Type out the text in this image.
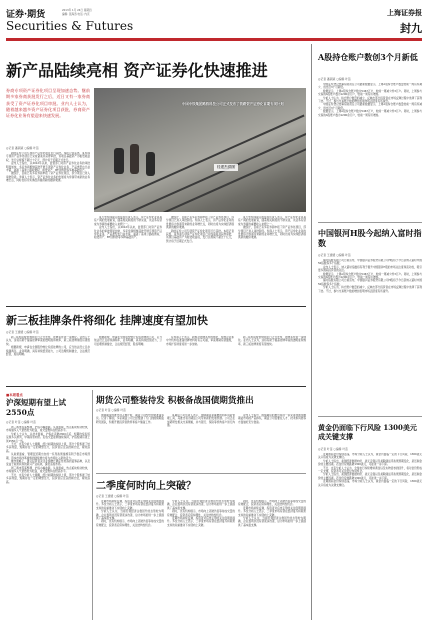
证券·期货	2013年 1月 24日 星期四
编辑: 张海涛 电话: 内页
Securities & Futures
上海证券报
封九
新产品陆续亮相 资产证券化快速推进
券商专项资产证券化项目呈现加速态势。继前期多家券商获批发行之后，近日又有一家券商获受了资产证券化项目审批。业内人士认为，随着越来越多资产证券化项目获批，券商资产证券化业务有望迎来快速发展。
中国中铁集团路桥科技公司正式发布了铁路资产证券化首期专项计划
桂建杰供图
◎记者 潘颖颖 ○编辑 叶苗

新的证券公司专项资产证券化项目近日获批。本报记者获悉，某券商专项资产证券化项目已完成备案并获得审批，该项目基础资产为租赁收益权，发行总规模不超过十亿元，预计将于近期正式发行。

业内人士指出，从2012年以来，监管部门对资产证券化业务的审批明显加快，多家券商相继获批开展专项资产证券化业务，产品类型也日益丰富，涵盖了高速公路收费权、租赁资产、BT回购款等多种基础资产。

据统计，目前已有多家券商申报了资产证券化项目，部分项目已进入审批阶段。券商人士表示，资产证券化业务的发展将为券商带来新的业务增长点，同时也将为实体经济提供新的融资渠道。

某大型券商固定收益部负责人表示，资产证券化业务具有广阔的发展前景，随着相关制度的不断完善，该业务有望成为券商的重要收入来源之一。

业内人士指出，从2012年以来，监管部门对资产证券化业务的审批明显加快，多家券商相继获批开展专项资产证券化业务，产品类型也日益丰富，涵盖了高速公路收费权、租赁资产、BT回购款等多种基础资产。

据统计，目前已有多家券商申报了资产证券化项目，部分项目已进入审批阶段。券商人士表示，资产证券化业务的发展将为券商带来新的业务增长点，同时也将为实体经济提供新的融资渠道。

新的证券公司专项资产证券化项目近日获批。本报记者获悉，某券商专项资产证券化项目已完成备案并获得审批，该项目基础资产为租赁收益权，发行总规模不超过十亿元，预计将于近期正式发行。

某大型券商固定收益部负责人表示，资产证券化业务具有广阔的发展前景，随着相关制度的不断完善，该业务有望成为券商的重要收入来源之一。

据统计，目前已有多家券商申报了资产证券化项目，部分项目已进入审批阶段。券商人士表示，资产证券化业务的发展将为券商带来新的业务增长点，同时也将为实体经济提供新的融资渠道。

A股持仓账户数创3个月新低
◎记者 潘颖颖 ○编辑 叶苗

中国证券登记结算有限责任公司最新数据显示，上周A股持仓账户数量较前一周有所减少，创出近3个月新低。

数据显示，上周A股持仓账户数为5467万户，较前一周减少约3万户。同时，上周参与交易的A股账户数为1200余万户，较前一周有所增加。

分析人士认为，持仓账户数量的减少，反映出部分投资者在市场反弹过程中选择了获利了结。不过，参与交易账户数的增加表明市场活跃度有所提升。

中国证券登记结算有限责任公司最新数据显示，上周A股持仓账户数量较前一周有所减少，创出近3个月新低。

数据显示，上周A股持仓账户数为5467万户，较前一周减少约3万户。同时，上周参与交易的A股账户数为1200余万户，较前一周有所增加。

中国银河H股今起纳入富时指数
◎记者 王媛媛 ○编辑 叶苗

富时指数有限公司日前宣布，中国银河证券股份有限公司H股将于今日起纳入富时中国50指数等多个指数。

业内人士表示，纳入富时指数将有利于提升中国银河H股的市场关注度和流动性，吸引更多国际投资者的关注。

数据显示，上周A股持仓账户数为5467万户，较前一周减少约3万户。同时，上周参与交易的A股账户数为1200余万户，较前一周有所增加。

富时指数有限公司日前宣布，中国银河证券股份有限公司H股将于今日起纳入富时中国50指数等多个指数。

分析人士认为，持仓账户数量的减少，反映出部分投资者在市场反弹过程中选择了获利了结。不过，参与交易账户数的增加表明市场活跃度有所提升。

黄金仍面临下行风险 1300美元成关键支撑
◎记者 叶苗 ○编辑 叶苗

近期国际金价持续震荡，市场分析人士认为，黄金仍面临一定的下行风险，1300美元关口将成为关键支撑位。

分析人士指出，美国经济数据向好、美元走强以及美联储货币政策预期变化，是压制金价的主要因素。若金价有效跌破1300美元，可能进一步下探。

不过，也有分析人士认为，全球央行持续增持黄金以及实物需求的回升，将对金价形成一定支撑，投资者可关注低位布局机会。

分析人士指出，美国经济数据向好、美元走强以及美联储货币政策预期变化，是压制金价的主要因素。若金价有效跌破1300美元，可能进一步下探。

近期国际金价持续震荡，市场分析人士认为，黄金仍面临一定的下行风险，1300美元关口将成为关键支撑位。

新三板挂牌条件将细化 挂牌速度有望加快
◎记者 王媛媛 ○编辑 叶苗

新三板相关配套规则近日正式发布，挂牌条件进一步细化。业内人士认为，这将有助于提高挂牌审查的透明度和效率，新三板挂牌速度有望加快。

根据新规，申请在全国股份转让系统挂牌的公司，应当依法设立且存续满两年，业务明确，具有持续经营能力，公司治理机制健全，合法规范经营，股权明晰。

根据新规，申请在全国股份转让系统挂牌的公司，应当依法设立且存续满两年，业务明确，具有持续经营能力，公司治理机制健全，合法规范经营，股权明晰。

有券商人士表示，新规对挂牌条件的细化，使得企业和中介机构在准备挂牌材料时有章可循，审查周期有望缩短，市场扩容速度将进一步加快。

新三板相关配套规则近日正式发布，挂牌条件进一步细化。业内人士认为，这将有助于提高挂牌审查的透明度和效率，新三板挂牌速度有望加快。

■本周看点
沪深短期有望上试2550点
◎记者 叶苗 ○编辑 叶苗

周三两市震荡整理，沪指小幅收跌。从盘面看，热点板块轮动较快，市场做多人气依然较为旺盛，成交量维持在较高水平。

分析人士认为，从技术面看，沪指在突破2300点后，短期均线系统呈现多头排列，中期趋势向好。若成交量能够继续保持，沪指短期有望上试2550点一线。

不过，也有分析人士提醒，经过前期的持续上涨，部分个股积累了较多获利盘，短期存在一定的调整压力，投资者应注意控制仓位，避免追高。

从政策面看，管理层近期出台的一系列政策措施有利于稳定市场预期，资本市场改革措施的陆续推出将为市场注入新的活力。

操作策略上，建议投资者关注业绩增长确定性较高的蓝筹品种，以及受益于政策扶持的新兴产业板块，逢低适度布局。

周三两市震荡整理，沪指小幅收跌。从盘面看，热点板块轮动较快，市场做多人气依然较为旺盛，成交量维持在较高水平。

不过，也有分析人士提醒，经过前期的持续上涨，部分个股积累了较多获利盘，短期存在一定的调整压力，投资者应注意控制仓位，避免追高。

期货公司整装待发 积极备战国债期货推出
◎记者 叶苗 ○编辑 叶苗

国债期货的推出进入倒计时，期货公司纷纷加快准备步伐。记者了解到，多家期货公司已经组建了专门的国债期货研究团队，积极开展投资者教育和客户储备工作。

某期货公司负责人表示，国债期货是重要的利率风险管理工具，其推出将为期货公司带来新的发展机遇。公司正在加紧研发相关交易策略，并与银行、保险等机构客户进行沟通。

业内人士指出，国债期货的推出将进一步完善我国金融期货市场的产品体系，期货公司需要在人才、技术和风控等方面做好充分准备。

二季度何时向上突破？
◎记者 王媛媛 ○编辑 叶苗

近期市场持续反弹，投资者对后市走势的关注度明显提升。多位分析人士表示，二季度市场有望在经济复苏和政策支持的双重推动下实现向上突破。

分析人士认为，当前宏观经济企稳回升的态势较为明确，企业盈利状况有望逐步改善，这为市场的进一步上涨提供了基本面支撑。

同时，也有机构提示，市场向上突破仍需等待成交量的有效配合，投资者应保持理性，关注结构性机会。

分析人士认为，当前宏观经济企稳回升的态势较为明确，企业盈利状况有望逐步改善，这为市场的进一步上涨提供了基本面支撑。

同时，也有机构提示，市场向上突破仍需等待成交量的有效配合，投资者应保持理性，关注结构性机会。

近期市场持续反弹，投资者对后市走势的关注度明显提升。多位分析人士表示，二季度市场有望在经济复苏和政策支持的双重推动下实现向上突破。

同时，也有机构提示，市场向上突破仍需等待成交量的有效配合，投资者应保持理性，关注结构性机会。

近期市场持续反弹，投资者对后市走势的关注度明显提升。多位分析人士表示，二季度市场有望在经济复苏和政策支持的双重推动下实现向上突破。

分析人士认为，当前宏观经济企稳回升的态势较为明确，企业盈利状况有望逐步改善，这为市场的进一步上涨提供了基本面支撑。
